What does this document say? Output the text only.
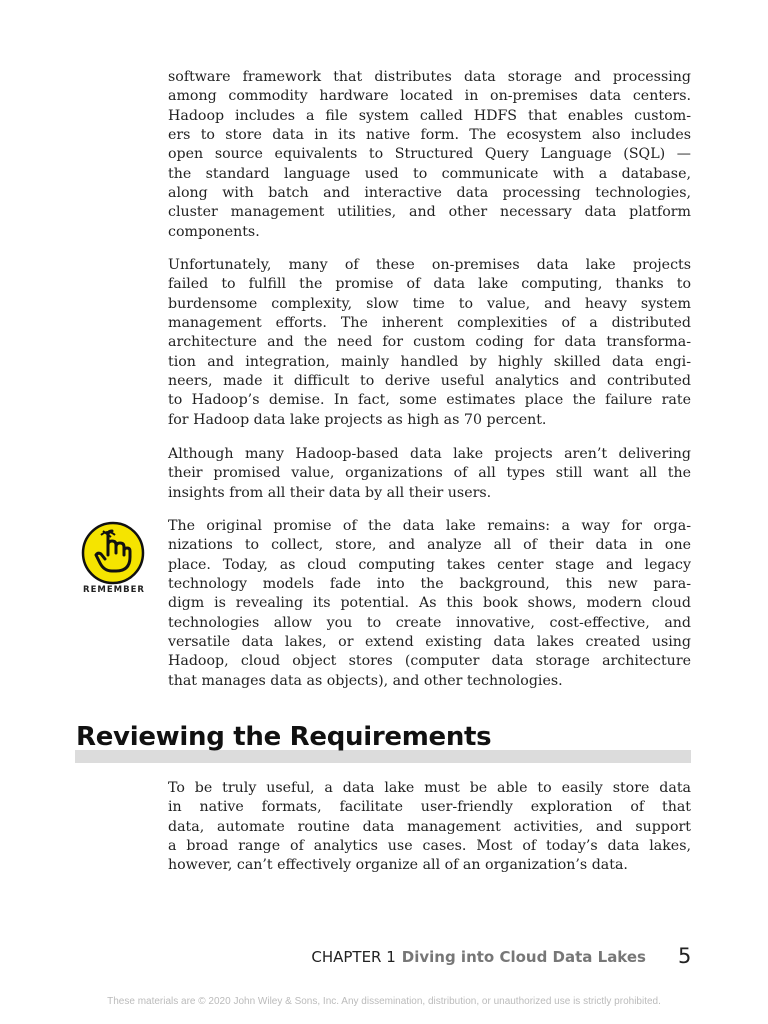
software framework that distributes data storage and processing
among commodity hardware located in on-premises data centers.
Hadoop includes a file system called HDFS that enables custom-
ers to store data in its native form. The ecosystem also includes
open source equivalents to Structured Query Language (SQL) —
the standard language used to communicate with a database,
along with batch and interactive data processing technologies,
cluster management utilities, and other necessary data platform
components.
Unfortunately, many of these on-premises data lake projects
failed to fulfill the promise of data lake computing, thanks to
burdensome complexity, slow time to value, and heavy system
management efforts. The inherent complexities of a distributed
architecture and the need for custom coding for data transforma-
tion and integration, mainly handled by highly skilled data engi-
neers, made it difficult to derive useful analytics and contributed
to Hadoop’s demise. In fact, some estimates place the failure rate
for Hadoop data lake projects as high as 70 percent.
Although many Hadoop-based data lake projects aren’t delivering
their promised value, organizations of all types still want all the
insights from all their data by all their users.
REMEMBER
The original promise of the data lake remains: a way for orga-
nizations to collect, store, and analyze all of their data in one
place. Today, as cloud computing takes center stage and legacy
technology models fade into the background, this new para-
digm is revealing its potential. As this book shows, modern cloud
technologies allow you to create innovative, cost-effective, and
versatile data lakes, or extend existing data lakes created using
Hadoop, cloud object stores (computer data storage architecture
that manages data as objects), and other technologies.
Reviewing the Requirements
To be truly useful, a data lake must be able to easily store data
in native formats, facilitate user-friendly exploration of that
data, automate routine data management activities, and support
a broad range of analytics use cases. Most of today’s data lakes,
however, can’t effectively organize all of an organization’s data.
CHAPTER 1 Diving into Cloud Data Lakes 5
These materials are © 2020 John Wiley & Sons, Inc. Any dissemination, distribution, or unauthorized use is strictly prohibited.
